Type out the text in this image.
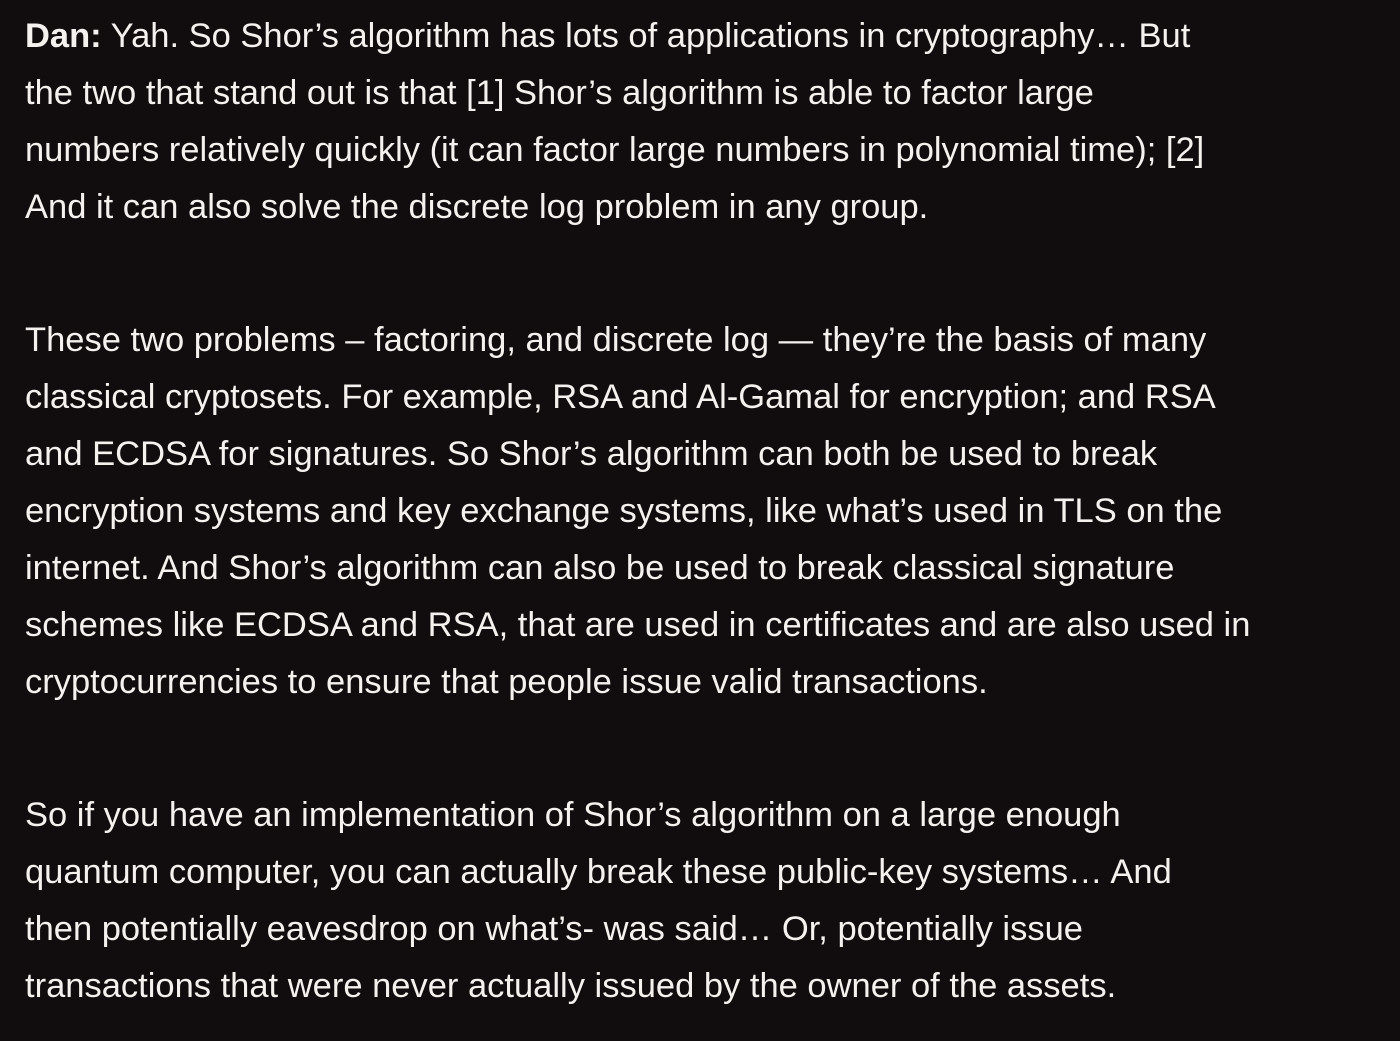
Dan: Yah. So Shor’s algorithm has lots of applications in cryptography… But
the two that stand out is that [1] Shor’s algorithm is able to factor large
numbers relatively quickly (it can factor large numbers in polynomial time); [2]
And it can also solve the discrete log problem in any group.

These two problems – factoring, and discrete log — they’re the basis of many
classical cryptosets. For example, RSA and Al-Gamal for encryption; and RSA
and ECDSA for signatures. So Shor’s algorithm can both be used to break
encryption systems and key exchange systems, like what’s used in TLS on the
internet. And Shor’s algorithm can also be used to break classical signature
schemes like ECDSA and RSA, that are used in certificates and are also used in
cryptocurrencies to ensure that people issue valid transactions.

So if you have an implementation of Shor’s algorithm on a large enough
quantum computer, you can actually break these public-key systems… And
then potentially eavesdrop on what’s- was said… Or, potentially issue
transactions that were never actually issued by the owner of the assets.
